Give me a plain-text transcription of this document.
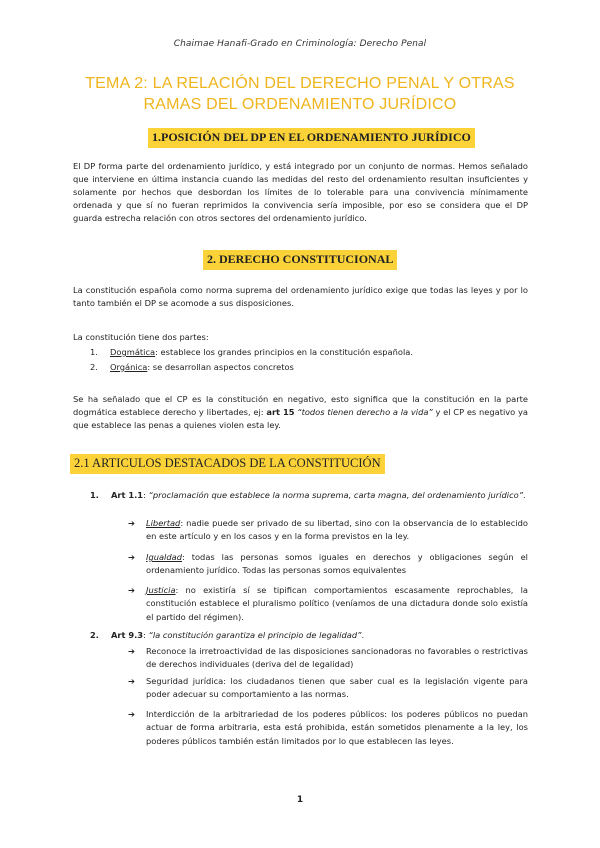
Chaimae Hanafi-Grado en Criminología: Derecho Penal
TEMA 2: LA RELACIÓN DEL DERECHO PENAL Y OTRAS
RAMAS DEL ORDENAMIENTO JURÍDICO
1.POSICIÓN DEL DP EN EL ORDENAMIENTO JURÍDICO
El DP forma parte del ordenamiento jurídico, y está integrado por un conjunto de normas. Hemos señalado que interviene en última instancia cuando las medidas del resto del ordenamiento resultan insuficientes y solamente por hechos que desbordan los límites de lo tolerable para una convivencia mínimamente ordenada y que sí no fueran reprimidos la convivencia sería imposible, por eso se considera que el DP guarda estrecha relación con otros sectores del ordenamiento jurídico.
2. DERECHO CONSTITUCIONAL
La constitución española como norma suprema del ordenamiento jurídico exige que todas las leyes y por lo tanto también el DP se acomode a sus disposiciones.
La constitución tiene dos partes:
1.	Dogmática: establece los grandes principios en la constitución española.
2.	Orgánica: se desarrollan aspectos concretos
Se ha señalado que el CP es la constitución en negativo, esto significa que la constitución en la parte dogmática establece derecho y libertades, ej: art 15 “todos tienen derecho a la vida” y el CP es negativo ya que establece las penas a quienes violen esta ley.
2.1 ARTICULOS DESTACADOS DE LA CONSTITUCIÓN
1. Art 1.1: “proclamación que establece la norma suprema, carta magna, del ordenamiento jurídico”.
➔ Libertad: nadie puede ser privado de su libertad, sino con la observancia de lo establecido en este artículo y en los casos y en la forma previstos en la ley.
➔ Igualdad: todas las personas somos iguales en derechos y obligaciones según el ordenamiento jurídico. Todas las personas somos equivalentes
➔ Justicia: no existiría sí se tipifican comportamientos escasamente reprochables, la constitución establece el pluralismo político (veníamos de una dictadura donde solo existía el partido del régimen).
2. Art 9.3: “la constitución garantiza el principio de legalidad”.
➔ Reconoce la irretroactividad de las disposiciones sancionadoras no favorables o restrictivas de derechos individuales (deriva del de legalidad)
➔ Seguridad jurídica: los ciudadanos tienen que saber cual es la legislación vigente para poder adecuar su comportamiento a las normas.
➔ Interdicción de la arbitrariedad de los poderes públicos: los poderes públicos no puedan actuar de forma arbitraria, esta está prohibida, están sometidos plenamente a la ley, los poderes públicos también están limitados por lo que establecen las leyes.
1
